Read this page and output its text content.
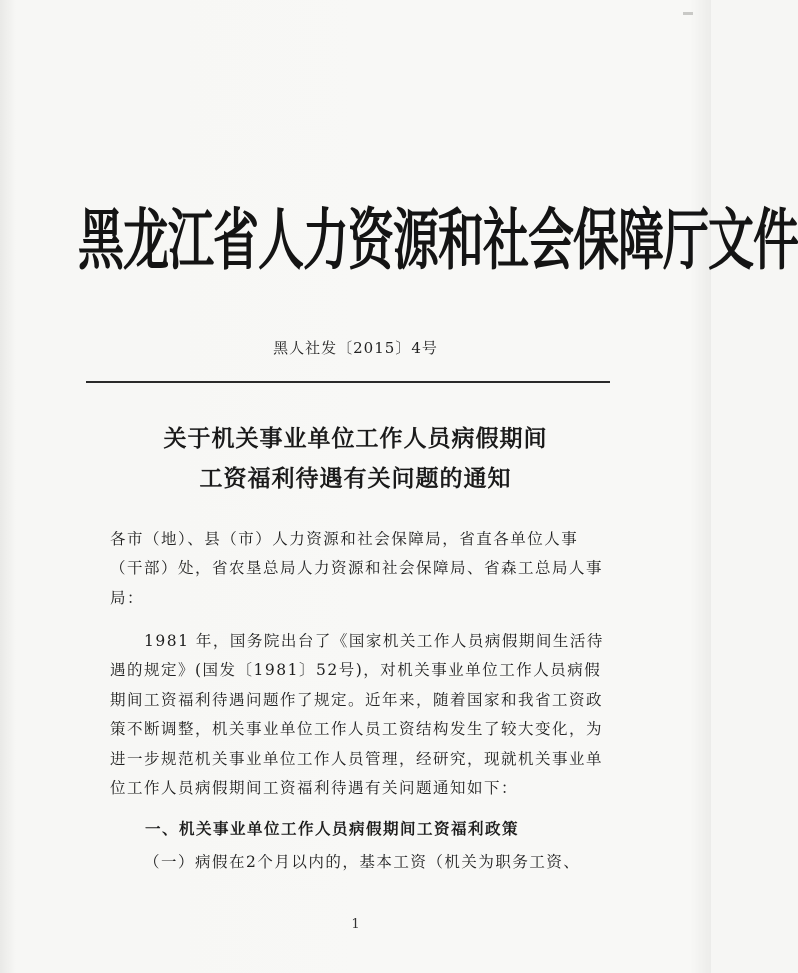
黑龙江省人力资源和社会保障厅文件
黑人社发〔2015〕4号
关于机关事业单位工作人员病假期间
工资福利待遇有关问题的通知
各市（地）、县（市）人力资源和社会保障局，省直各单位人事（干部）处，省农垦总局人力资源和社会保障局、省森工总局人事局：
1981 年，国务院出台了《国家机关工作人员病假期间生活待遇的规定》(国发〔1981〕52号)，对机关事业单位工作人员病假期间工资福利待遇问题作了规定。近年来，随着国家和我省工资政策不断调整，机关事业单位工作人员工资结构发生了较大变化，为进一步规范机关事业单位工作人员管理，经研究，现就机关事业单位工作人员病假期间工资福利待遇有关问题通知如下：
一、机关事业单位工作人员病假期间工资福利政策
（一）病假在2个月以内的，基本工资（机关为职务工资、
1
